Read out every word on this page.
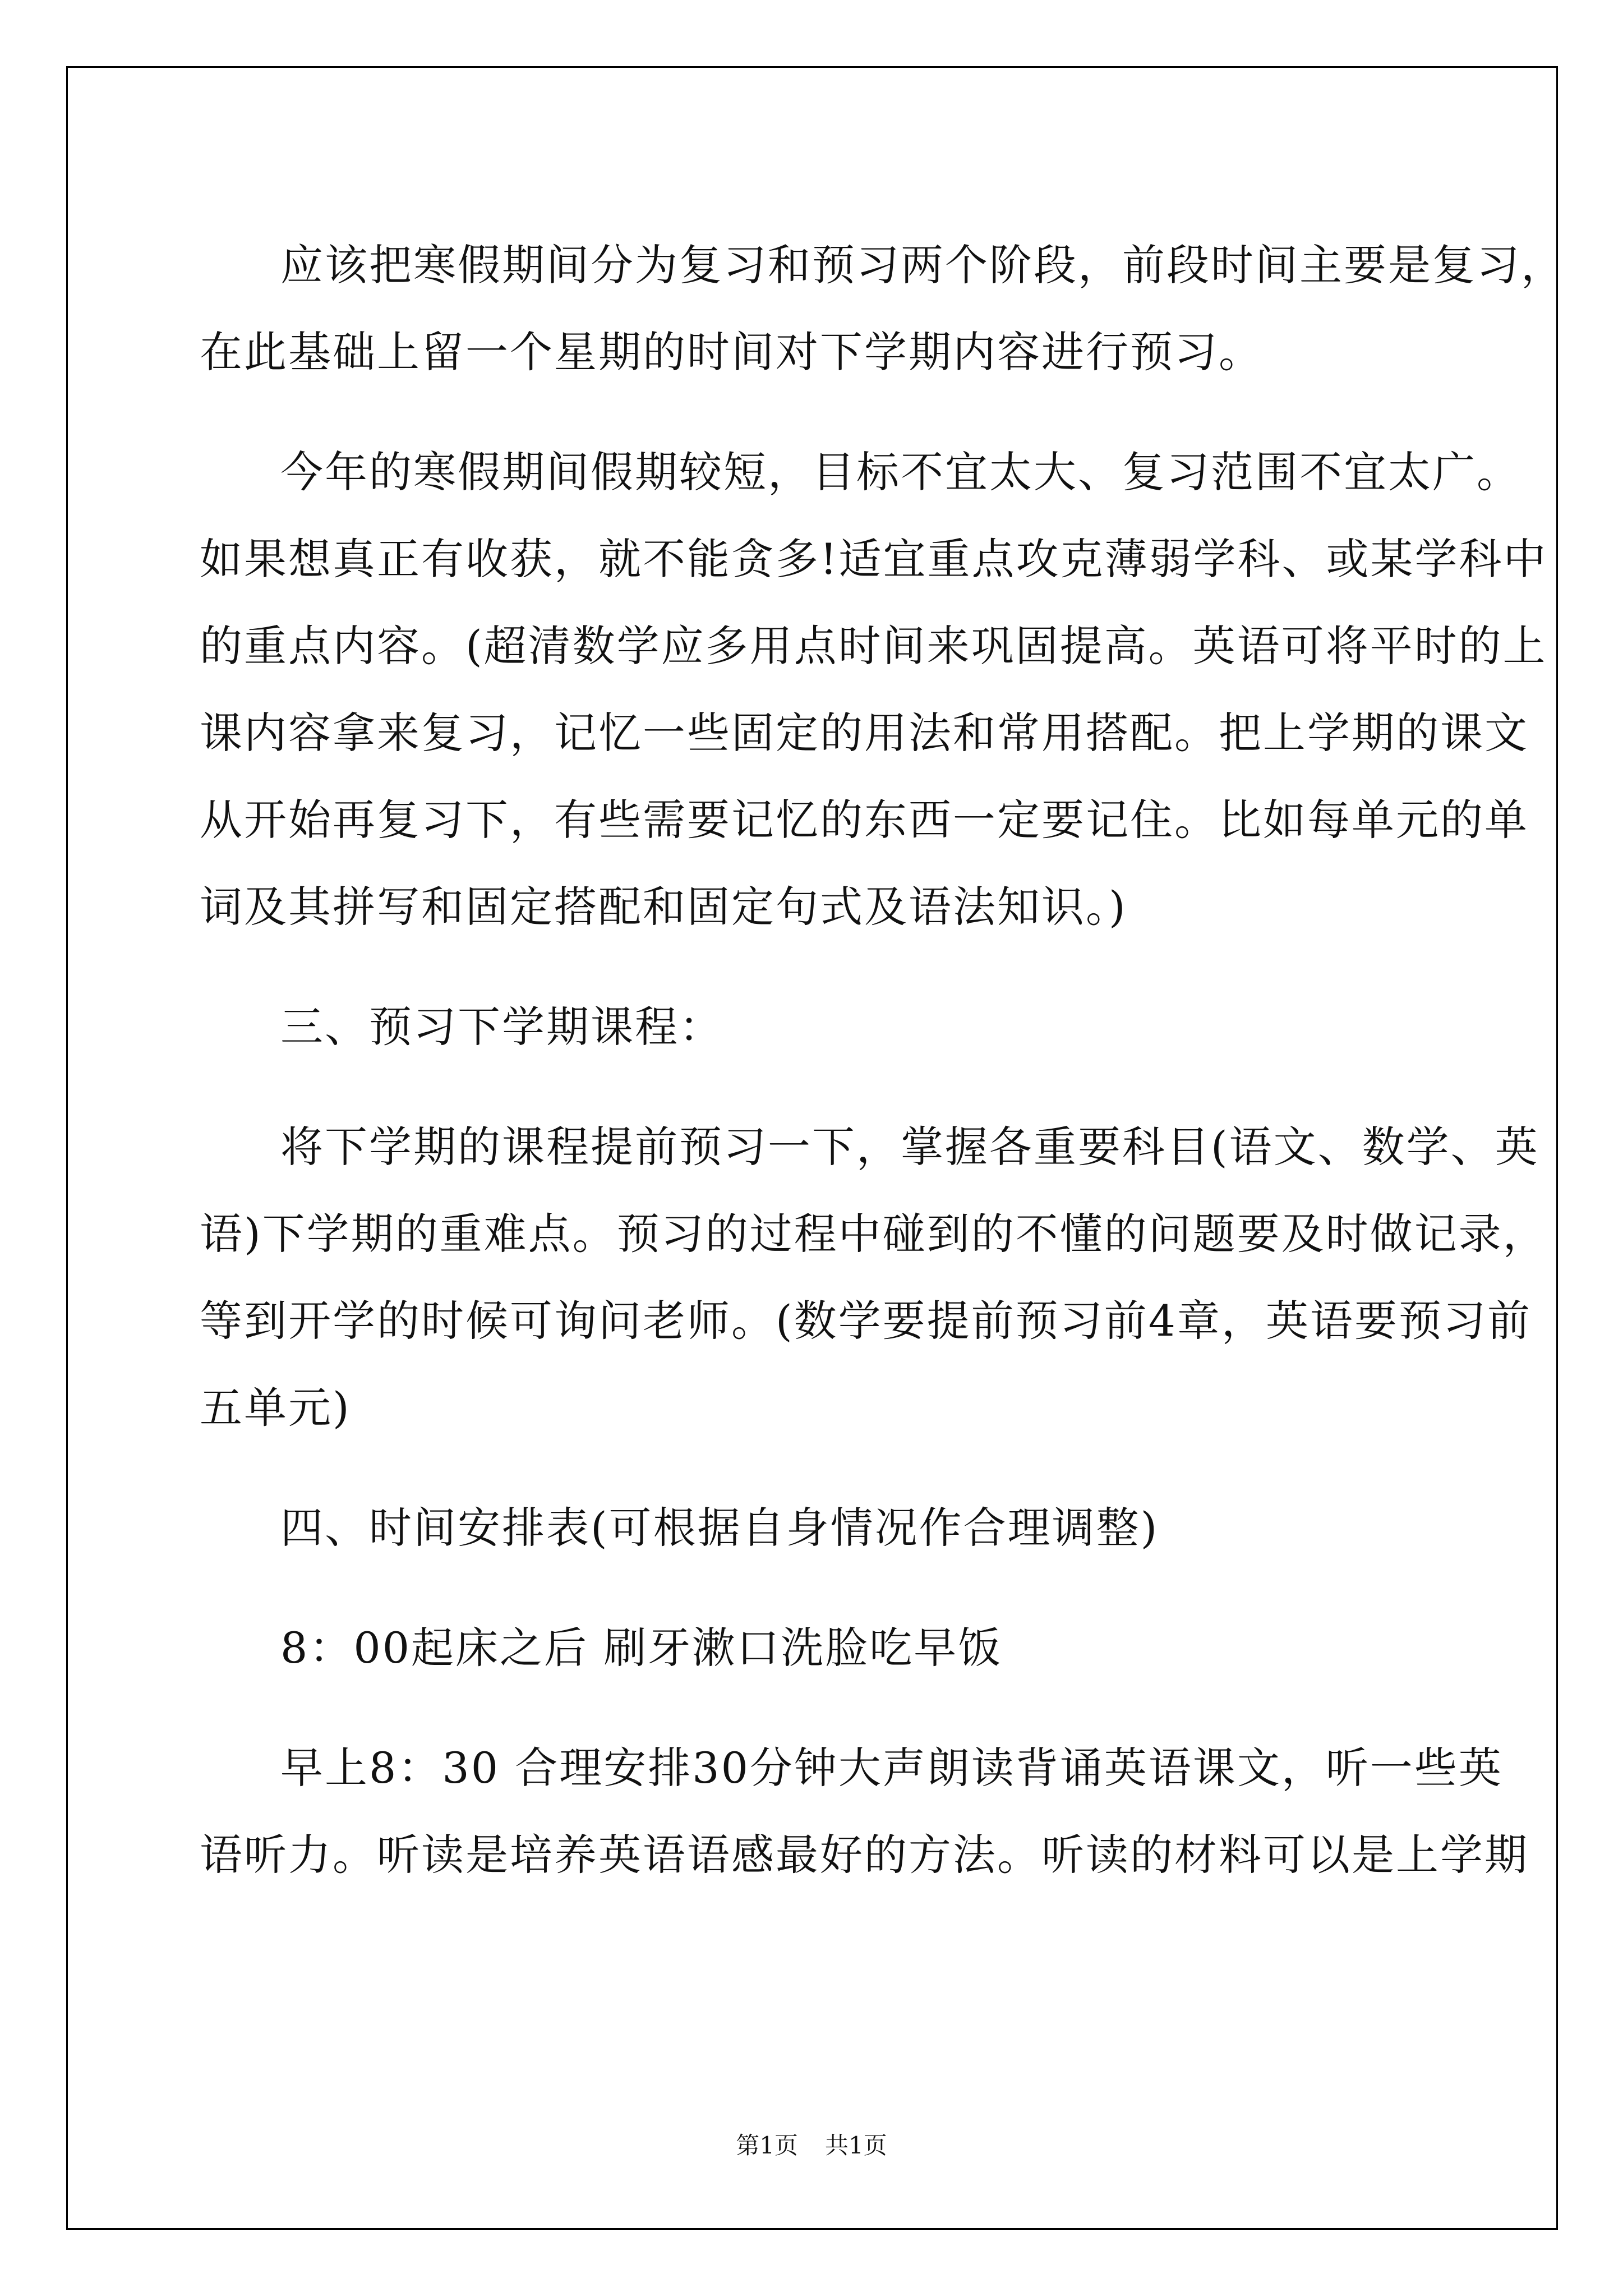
应该把寒假期间分为复习和预习两个阶段，前段时间主要是复习，
在此基础上留一个星期的时间对下学期内容进行预习。

今年的寒假期间假期较短，目标不宜太大、复习范围不宜太广。
如果想真正有收获，就不能贪多!适宜重点攻克薄弱学科、或某学科中
的重点内容。(超清数学应多用点时间来巩固提高。英语可将平时的上
课内容拿来复习，记忆一些固定的用法和常用搭配。把上学期的课文
从开始再复习下，有些需要记忆的东西一定要记住。比如每单元的单
词及其拼写和固定搭配和固定句式及语法知识。)

三、预习下学期课程：

将下学期的课程提前预习一下，掌握各重要科目(语文、数学、英
语)下学期的重难点。预习的过程中碰到的不懂的问题要及时做记录，
等到开学的时候可询问老师。(数学要提前预习前4章，英语要预习前
五单元)

四、时间安排表(可根据自身情况作合理调整)

8：00起床之后 刷牙漱口洗脸吃早饭

早上8：30 合理安排30分钟大声朗读背诵英语课文，听一些英
语听力。听读是培养英语语感最好的方法。听读的材料可以是上学期

第1页 共1页
